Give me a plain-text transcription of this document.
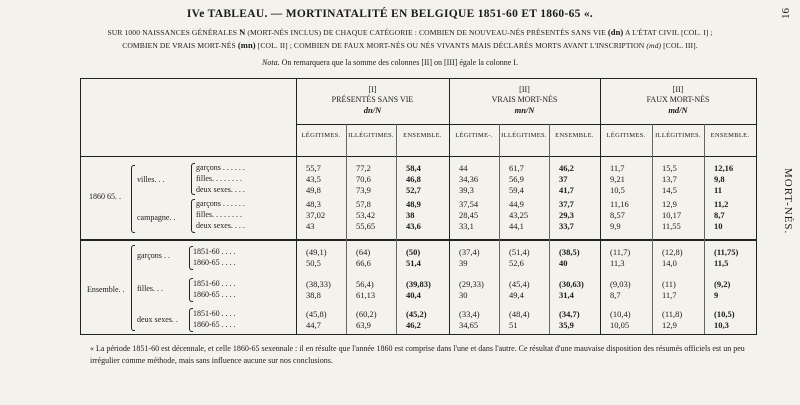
16
MORT-NÉS.
IVe TABLEAU. — MORTINATALITÉ EN BELGIQUE 1851-60 ET 1860-65 «.
SUR 1000 NAISSANCES GÉNÉRALES N (MORT-NÉS INCLUS) DE CHAQUE CATÉGORIE : COMBIEN DE NOUVEAU-NÉS PRÉSENTÉS SANS VIE (dn) A L'ÉTAT CIVIL [COL. I] ;
COMBIEN DE VRAIS MORT-NÉS (mn) [COL. II] ; COMBIEN DE FAUX MORT-NÉS OU NÉS VIVANTS MAIS DÉCLARÉS MORTS AVANT L'INSCRIPTION (md) [COL. III].
Nota. On remarquera que la somme des colonnes [II] on [III] égale la colonne I.
[I]
PRÉSENTÉS SANS VIE
dn/N
[II]
VRAIS MORT-NÉS
mn/N
[II]
FAUX MORT-NÉS
md/N
1860 65. .
villes. . .
campagne. .
garçons . . . . . .
filles. . . . . . . .
deux sexes. . . .
garçons . . . . . .
filles. . . . . . . .
deux sexes. . . .
Ensemble. .
garçons . .
filles. . .
deux sexes. .
1851-60 . . . .
1860-65 . . . .
1851-60 . . . .
1860-65 . . . .
1851-60 . . . .
1860-65 . . . .
LÉGITIMES.	ILLÉGITIMES.	ENSEMBLE.	LÉGITIME-.	ILLÉGITIMES.	ENSEMBLE.	LÉGITIMES.	ILLÉGITIMES.	ENSEMBLE.
55,7	77,2	58,4	44	61,7	46,2	11,7	15,5	12,16
43,5	70,6	46,8	34,36	56,9	37	9,21	13,7	9,8
49,8	73,9	52,7	39,3	59,4	41,7	10,5	14,5	11
48,3	57,8	48,9	37,54	44,9	37,7	11,16	12,9	11,2
37,02	53,42	38	28,45	43,25	29,3	8,57	10,17	8,7
43	55,65	43,6	33,1	44,1	33,7	9,9	11,55	10
(49,1)	(64)	(50)	(37,4)	(51,4)	(38,5)	(11,7)	(12,8)	(11,75)
50,5	66,6	51,4	39	52,6	40	11,3	14,0	11,5
(38,33)	56,4)	(39,83)	(29,33)	(45,4)	(30,63)	(9,03)	(11)	(9,2)
38,8	61,13	40,4	30	49,4	31,4	8,7	11,7	9
(45,8)	(60,2)	(45,2)	(33,4)	(48,4)	(34,7)	(10,4)	(11,8)	(10,5)
44,7	63,9	46,2	34,65	51	35,9	10,05	12,9	10,3
« La période 1851-60 est décennale, et celle 1860-65 sexennale : il en résulte que l'année 1860 est comprise dans l'une et dans l'autre. Ce résultat d'une mauvaise disposition des résumés officiels est un peu irrégulier comme méthode, mais sans influence aucune sur nos conclusions.
